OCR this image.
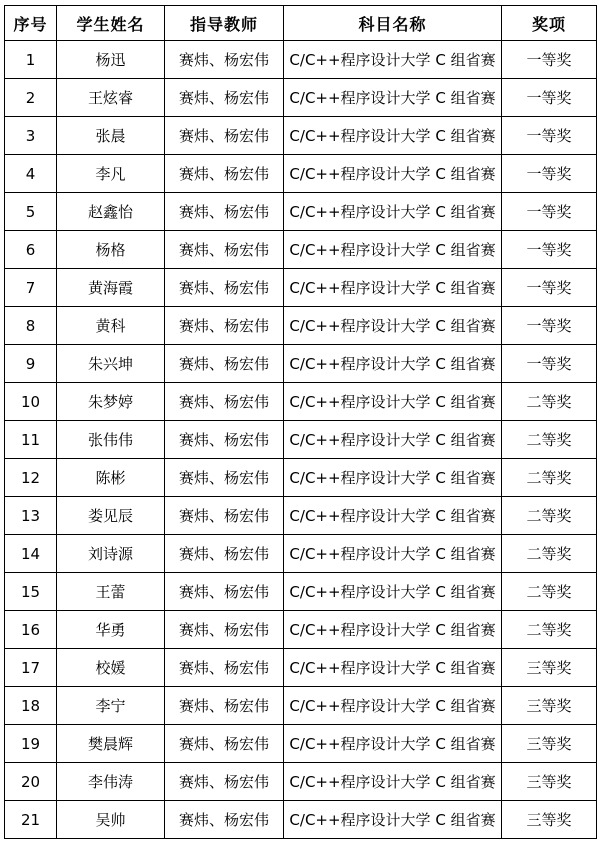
序号	学生姓名	指导教师	科目名称	奖项
1	杨迅	赛炜、杨宏伟	C/C++程序设计大学 C 组省赛	一等奖
2	王炫睿	赛炜、杨宏伟	C/C++程序设计大学 C 组省赛	一等奖
3	张晨	赛炜、杨宏伟	C/C++程序设计大学 C 组省赛	一等奖
4	李凡	赛炜、杨宏伟	C/C++程序设计大学 C 组省赛	一等奖
5	赵鑫怡	赛炜、杨宏伟	C/C++程序设计大学 C 组省赛	一等奖
6	杨格	赛炜、杨宏伟	C/C++程序设计大学 C 组省赛	一等奖
7	黄海霞	赛炜、杨宏伟	C/C++程序设计大学 C 组省赛	一等奖
8	黄科	赛炜、杨宏伟	C/C++程序设计大学 C 组省赛	一等奖
9	朱兴坤	赛炜、杨宏伟	C/C++程序设计大学 C 组省赛	一等奖
10	朱梦婷	赛炜、杨宏伟	C/C++程序设计大学 C 组省赛	二等奖
11	张伟伟	赛炜、杨宏伟	C/C++程序设计大学 C 组省赛	二等奖
12	陈彬	赛炜、杨宏伟	C/C++程序设计大学 C 组省赛	二等奖
13	娄见辰	赛炜、杨宏伟	C/C++程序设计大学 C 组省赛	二等奖
14	刘诗源	赛炜、杨宏伟	C/C++程序设计大学 C 组省赛	二等奖
15	王蕾	赛炜、杨宏伟	C/C++程序设计大学 C 组省赛	二等奖
16	华勇	赛炜、杨宏伟	C/C++程序设计大学 C 组省赛	二等奖
17	校媛	赛炜、杨宏伟	C/C++程序设计大学 C 组省赛	三等奖
18	李宁	赛炜、杨宏伟	C/C++程序设计大学 C 组省赛	三等奖
19	樊晨辉	赛炜、杨宏伟	C/C++程序设计大学 C 组省赛	三等奖
20	李伟涛	赛炜、杨宏伟	C/C++程序设计大学 C 组省赛	三等奖
21	吴帅	赛炜、杨宏伟	C/C++程序设计大学 C 组省赛	三等奖
